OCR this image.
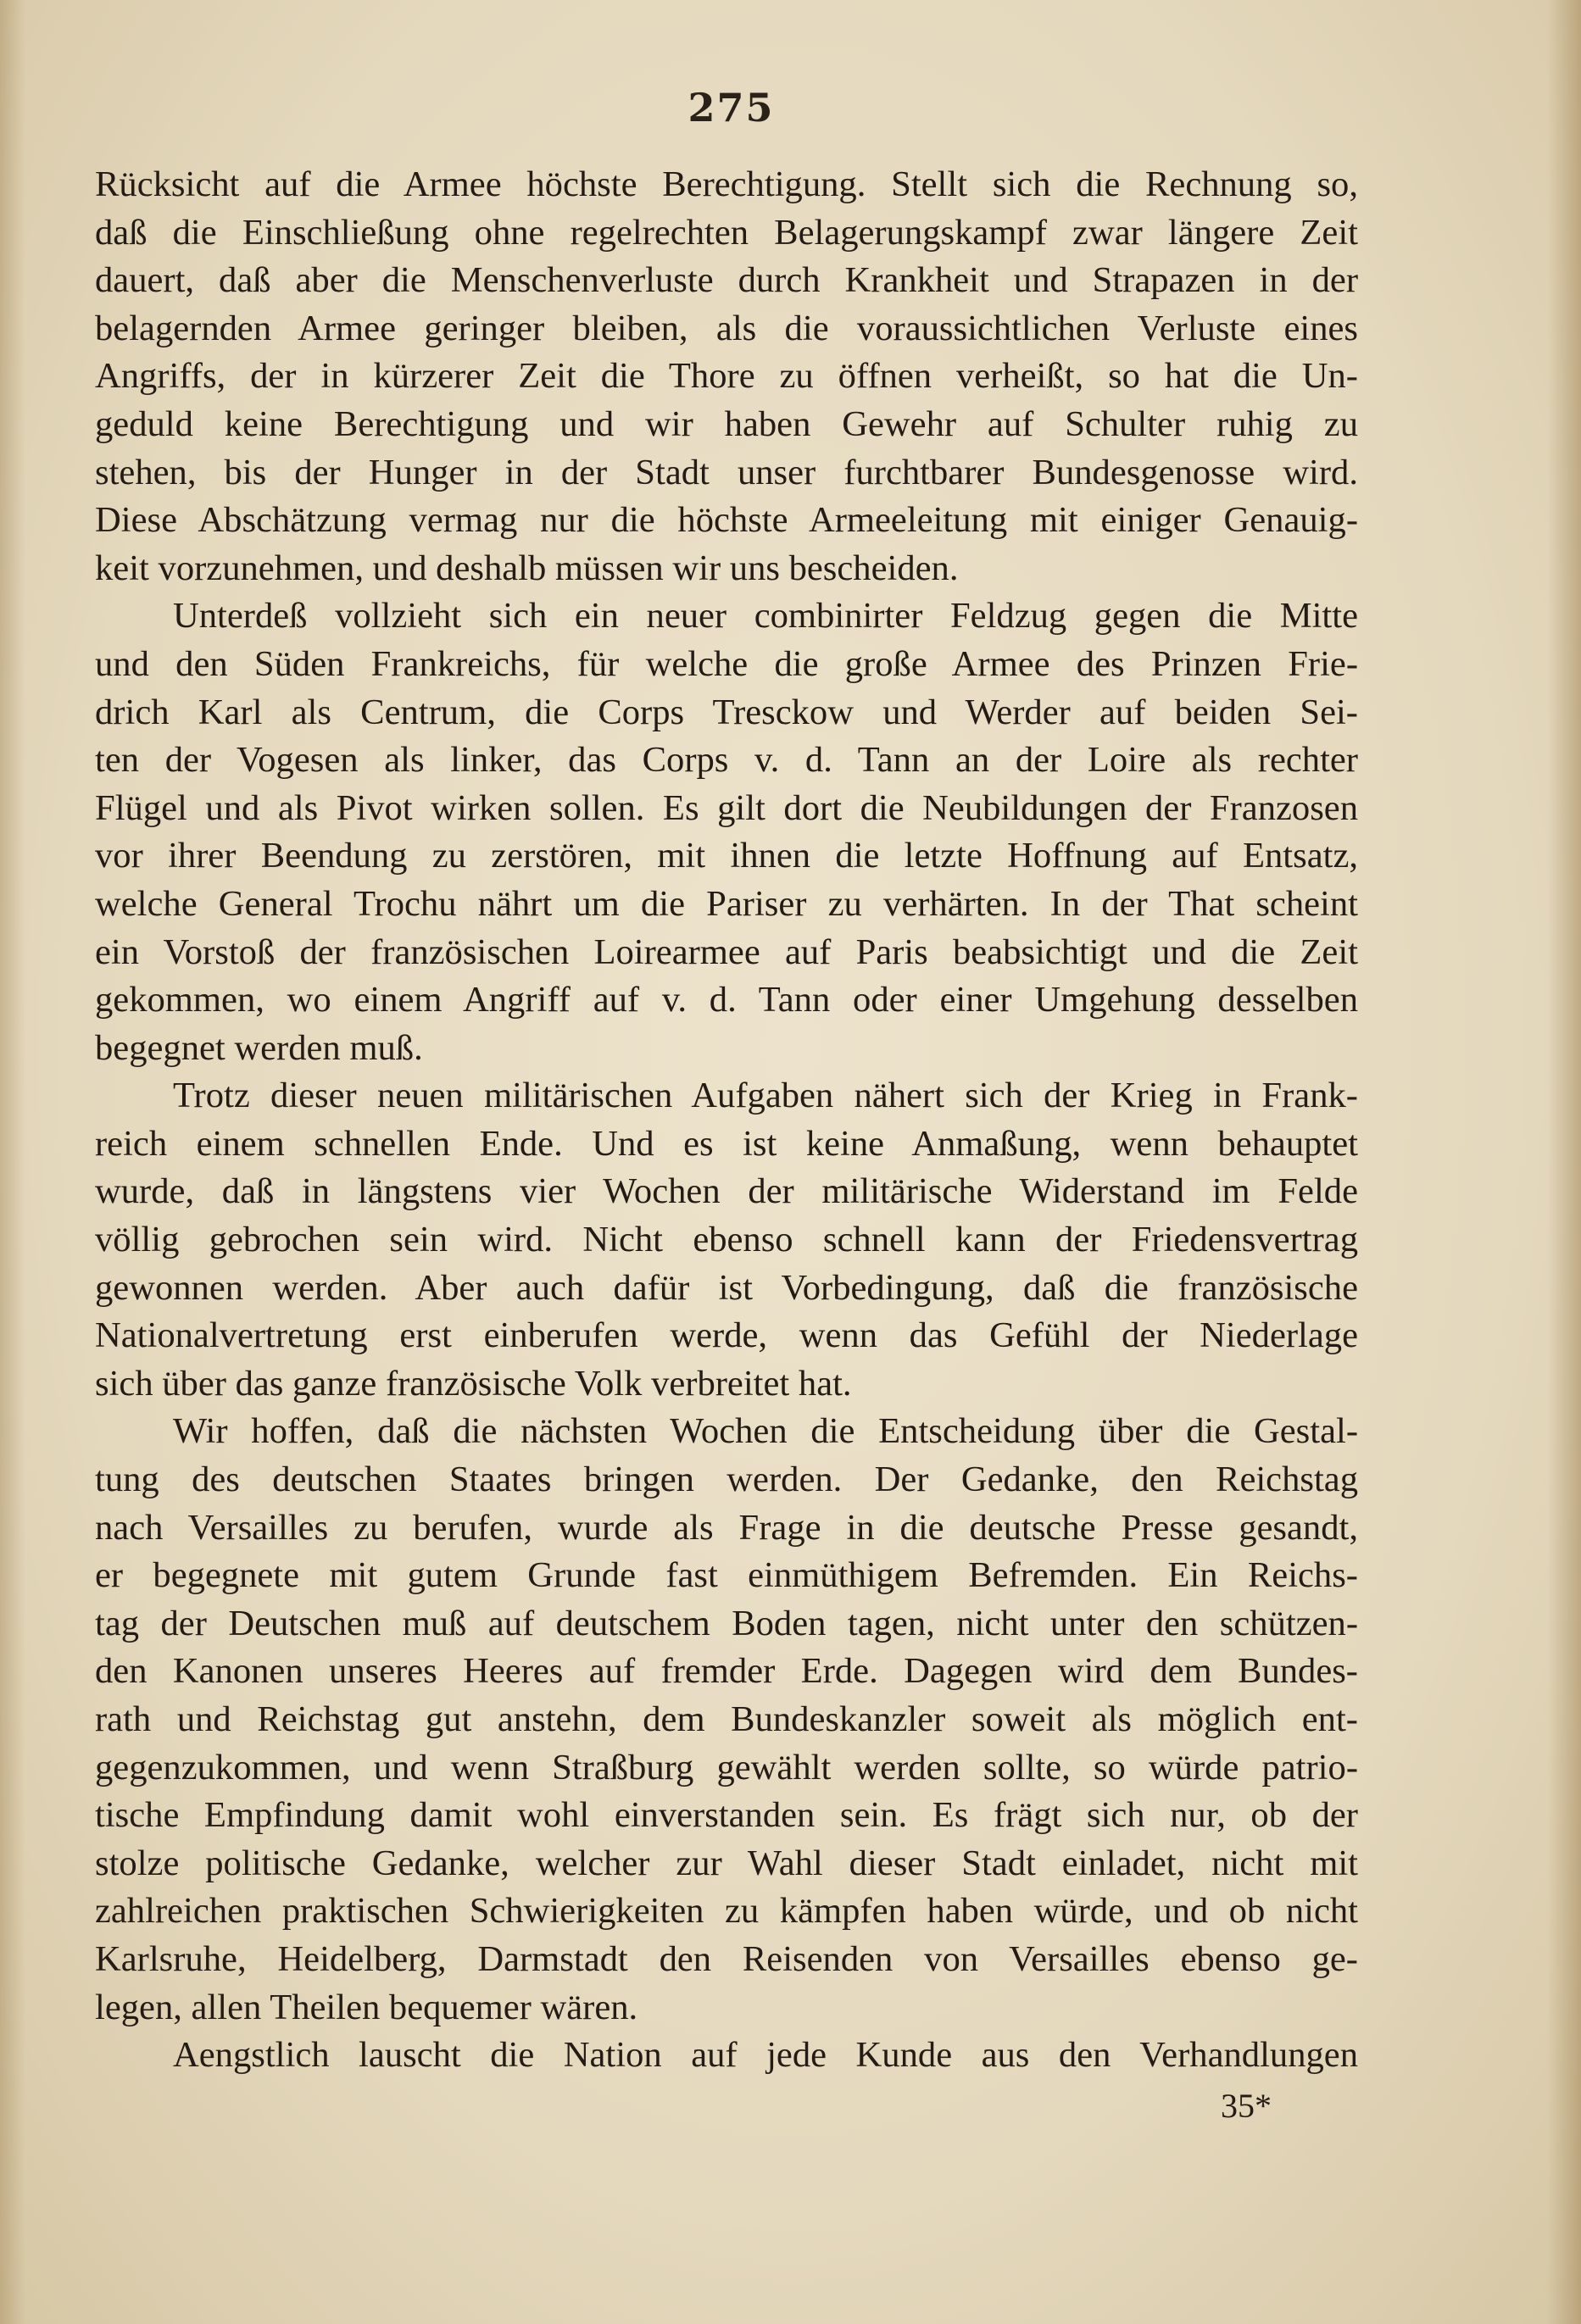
275
Rücksicht auf die Armee höchste Berechtigung. Stellt sich die Rechnung so,
daß die Einschließung ohne regelrechten Belagerungskampf zwar längere Zeit
dauert, daß aber die Menschenverluste durch Krankheit und Strapazen in der
belagernden Armee geringer bleiben, als die voraussichtlichen Verluste eines
Angriffs, der in kürzerer Zeit die Thore zu öffnen verheißt, so hat die Un-
geduld keine Berechtigung und wir haben Gewehr auf Schulter ruhig zu
stehen, bis der Hunger in der Stadt unser furchtbarer Bundesgenosse wird.
Diese Abschätzung vermag nur die höchste Armeeleitung mit einiger Genauig-
keit vorzunehmen, und deshalb müssen wir uns bescheiden.
Unterdeß vollzieht sich ein neuer combinirter Feldzug gegen die Mitte
und den Süden Frankreichs, für welche die große Armee des Prinzen Frie-
drich Karl als Centrum, die Corps Tresckow und Werder auf beiden Sei-
ten der Vogesen als linker, das Corps v. d. Tann an der Loire als rechter
Flügel und als Pivot wirken sollen. Es gilt dort die Neubildungen der Franzosen
vor ihrer Beendung zu zerstören, mit ihnen die letzte Hoffnung auf Entsatz,
welche General Trochu nährt um die Pariser zu verhärten. In der That scheint
ein Vorstoß der französischen Loirearmee auf Paris beabsichtigt und die Zeit
gekommen, wo einem Angriff auf v. d. Tann oder einer Umgehung desselben
begegnet werden muß.
Trotz dieser neuen militärischen Aufgaben nähert sich der Krieg in Frank-
reich einem schnellen Ende. Und es ist keine Anmaßung, wenn behauptet
wurde, daß in längstens vier Wochen der militärische Widerstand im Felde
völlig gebrochen sein wird. Nicht ebenso schnell kann der Friedensvertrag
gewonnen werden. Aber auch dafür ist Vorbedingung, daß die französische
Nationalvertretung erst einberufen werde, wenn das Gefühl der Niederlage
sich über das ganze französische Volk verbreitet hat.
Wir hoffen, daß die nächsten Wochen die Entscheidung über die Gestal-
tung des deutschen Staates bringen werden. Der Gedanke, den Reichstag
nach Versailles zu berufen, wurde als Frage in die deutsche Presse gesandt,
er begegnete mit gutem Grunde fast einmüthigem Befremden. Ein Reichs-
tag der Deutschen muß auf deutschem Boden tagen, nicht unter den schützen-
den Kanonen unseres Heeres auf fremder Erde. Dagegen wird dem Bundes-
rath und Reichstag gut anstehn, dem Bundeskanzler soweit als möglich ent-
gegenzukommen, und wenn Straßburg gewählt werden sollte, so würde patrio-
tische Empfindung damit wohl einverstanden sein. Es frägt sich nur, ob der
stolze politische Gedanke, welcher zur Wahl dieser Stadt einladet, nicht mit
zahlreichen praktischen Schwierigkeiten zu kämpfen haben würde, und ob nicht
Karlsruhe, Heidelberg, Darmstadt den Reisenden von Versailles ebenso ge-
legen, allen Theilen bequemer wären.
Aengstlich lauscht die Nation auf jede Kunde aus den Verhandlungen
35*
